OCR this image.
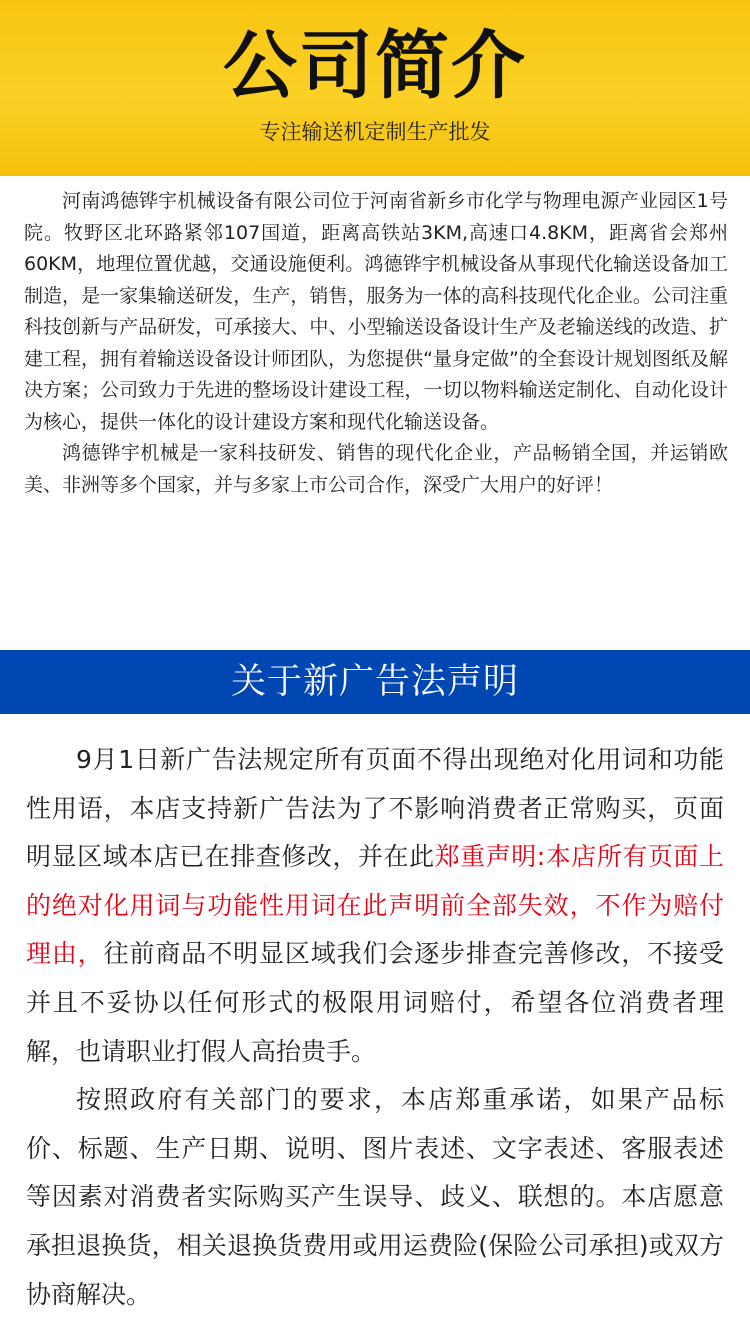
公司简介
专注输送机定制生产批发

河南鸿德铧宇机械设备有限公司位于河南省新乡市化学与物理电源产业园区1号院。牧野区北环路紧邻107国道，距离高铁站3KM,高速口4.8KM，距离省会郑州60KM，地理位置优越，交通设施便利。鸿德铧宇机械设备从事现代化输送设备加工制造，是一家集输送研发，生产，销售，服务为一体的高科技现代化企业。公司注重科技创新与产品研发，可承接大、中、小型输送设备设计生产及老输送线的改造、扩建工程，拥有着输送设备设计师团队，为您提供“量身定做”的全套设计规划图纸及解决方案；公司致力于先进的整场设计建设工程，一切以物料输送定制化、自动化设计为核心，提供一体化的设计建设方案和现代化输送设备。

鸿德铧宇机械是一家科技研发、销售的现代化企业，产品畅销全国，并运销欧美、非洲等多个国家，并与多家上市公司合作，深受广大用户的好评！

关于新广告法声明

9月1日新广告法规定所有页面不得出现绝对化用词和功能性用语，本店支持新广告法为了不影响消费者正常购买，页面明显区域本店已在排查修改，并在此郑重声明:本店所有页面上的绝对化用词与功能性用词在此声明前全部失效，不作为赔付理由，往前商品不明显区域我们会逐步排查完善修改，不接受并且不妥协以任何形式的极限用词赔付，希望各位消费者理解，也请职业打假人高抬贵手。

按照政府有关部门的要求，本店郑重承诺，如果产品标价、标题、生产日期、说明、图片表述、文字表述、客服表述等因素对消费者实际购买产生误导、歧义、联想的。本店愿意承担退换货，相关退换货费用或用运费险(保险公司承担)或双方协商解决。
